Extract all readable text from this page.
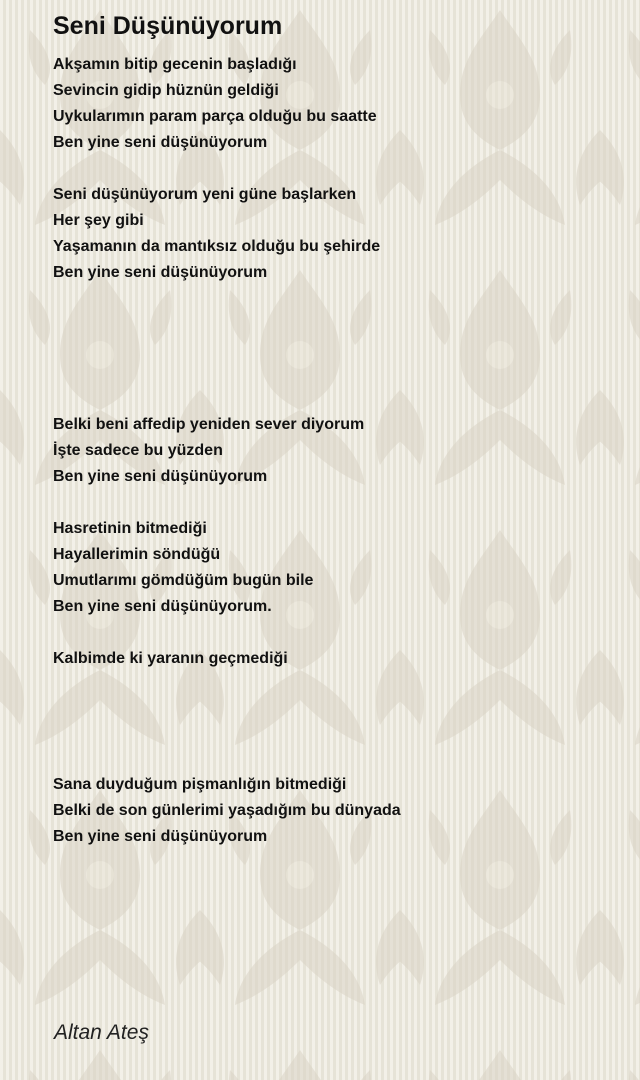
Seni Düşünüyorum
Akşamın bitip gecenin başladığı
Sevincin gidip hüznün geldiği
Uykularımın param parça olduğu bu saatte
Ben yine seni düşünüyorum
Seni düşünüyorum yeni güne başlarken
Her şey gibi
Yaşamanın da mantıksız olduğu bu şehirde
Ben yine seni düşünüyorum
Belki beni affedip yeniden sever diyorum
İşte sadece bu yüzden
Ben yine seni düşünüyorum
Hasretinin bitmediği
Hayallerimin söndüğü
Umutlarımı gömdüğüm bugün bile
Ben yine seni düşünüyorum.
Kalbimde ki yaranın geçmediği
Sana duyduğum pişmanlığın bitmediği
Belki de son günlerimi yaşadığım bu dünyada
Ben yine seni düşünüyorum
Altan Ateş
